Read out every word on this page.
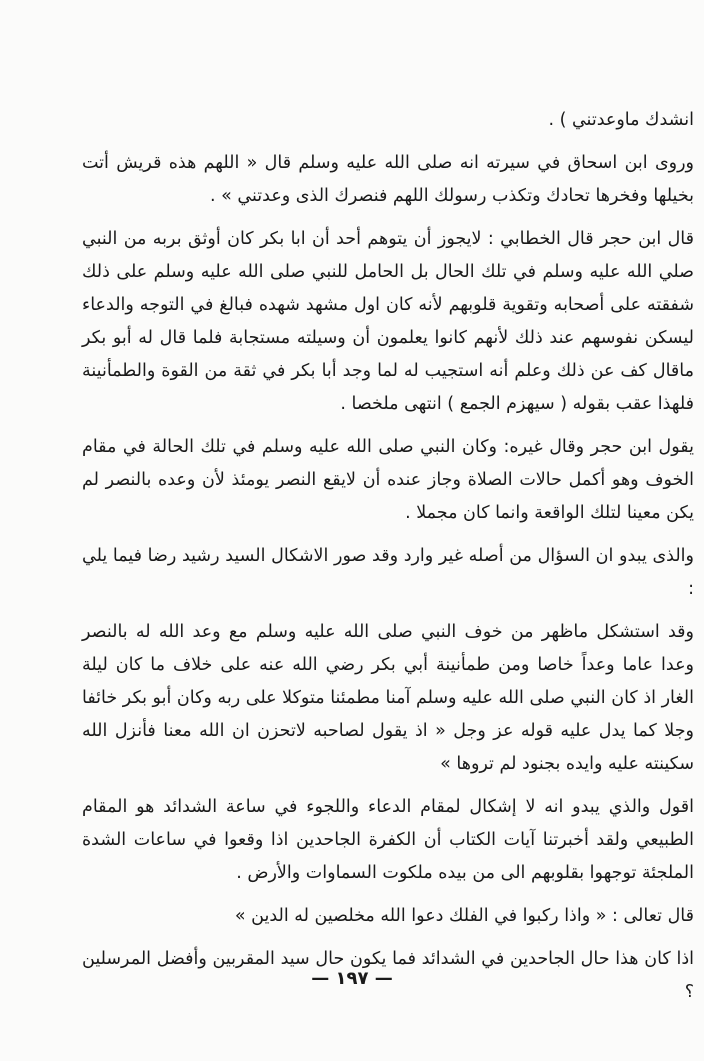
انشدك ماوعدتني ) .

وروى ابن اسحاق في سيرته انه صلى الله عليه وسلم قال « اللهم هذه قريش أتت بخيلها وفخرها تحادك وتكذب رسولك اللهم فنصرك الذى وعدتني » .

قال ابن حجر قال الخطابي : لايجوز أن يتوهم أحد أن ابا بكر كان أوثق بربه من النبي صلي الله عليه وسلم في تلك الحال بل الحامل للنبي صلى الله عليه وسلم على ذلك شفقته على أصحابه وتقوية قلوبهم لأنه كان اول مشهد شهده فبالغ في التوجه والدعاء ليسكن نفوسهم عند ذلك لأنهم كانوا يعلمون أن وسيلته مستجابة فلما قال له أبو بكر ماقال كف عن ذلك وعلم أنه استجيب له لما وجد أبا بكر في ثقة من القوة والطمأنينة فلهذا عقب بقوله ( سيهزم الجمع ) انتهى ملخصا .

يقول ابن حجر وقال غيره: وكان النبي صلى الله عليه وسلم في تلك الحالة في مقام الخوف وهو أكمل حالات الصلاة وجاز عنده أن لايقع النصر يومئذ لأن وعده بالنصر لم يكن معينا لتلك الواقعة وانما كان مجملا .

والذى يبدو ان السؤال من أصله غير وارد وقد صور الاشكال السيد رشيد رضا فيما يلي :

وقد استشكل ماظهر من خوف النبي صلى الله عليه وسلم مع وعد الله له بالنصر وعدا عاما وعداً خاصا ومن طمأنينة أبي بكر رضي الله عنه على خلاف ما كان ليلة الغار اذ كان النبي صلى الله عليه وسلم آمنا مطمئنا متوكلا على ربه وكان أبو بكر خائفا وجلا كما يدل عليه قوله عز وجل « اذ يقول لصاحبه لاتحزن ان الله معنا فأنزل الله سكينته عليه وايده بجنود لم تروها »

اقول والذي يبدو انه لا إشكال لمقام الدعاء واللجوء في ساعة الشدائد هو المقام الطبيعي ولقد أخبرتنا آيات الكتاب أن الكفرة الجاحدين اذا وقعوا في ساعات الشدة الملجئة توجهوا بقلوبهم الى من بيده ملكوت السماوات والأرض .

قال تعالى : « واذا ركبوا في الفلك دعوا الله مخلصين له الدين »

اذا كان هذا حال الجاحدين في الشدائد فما يكون حال سيد المقربين وأفضل المرسلين ؟

— ١٩٧ —
